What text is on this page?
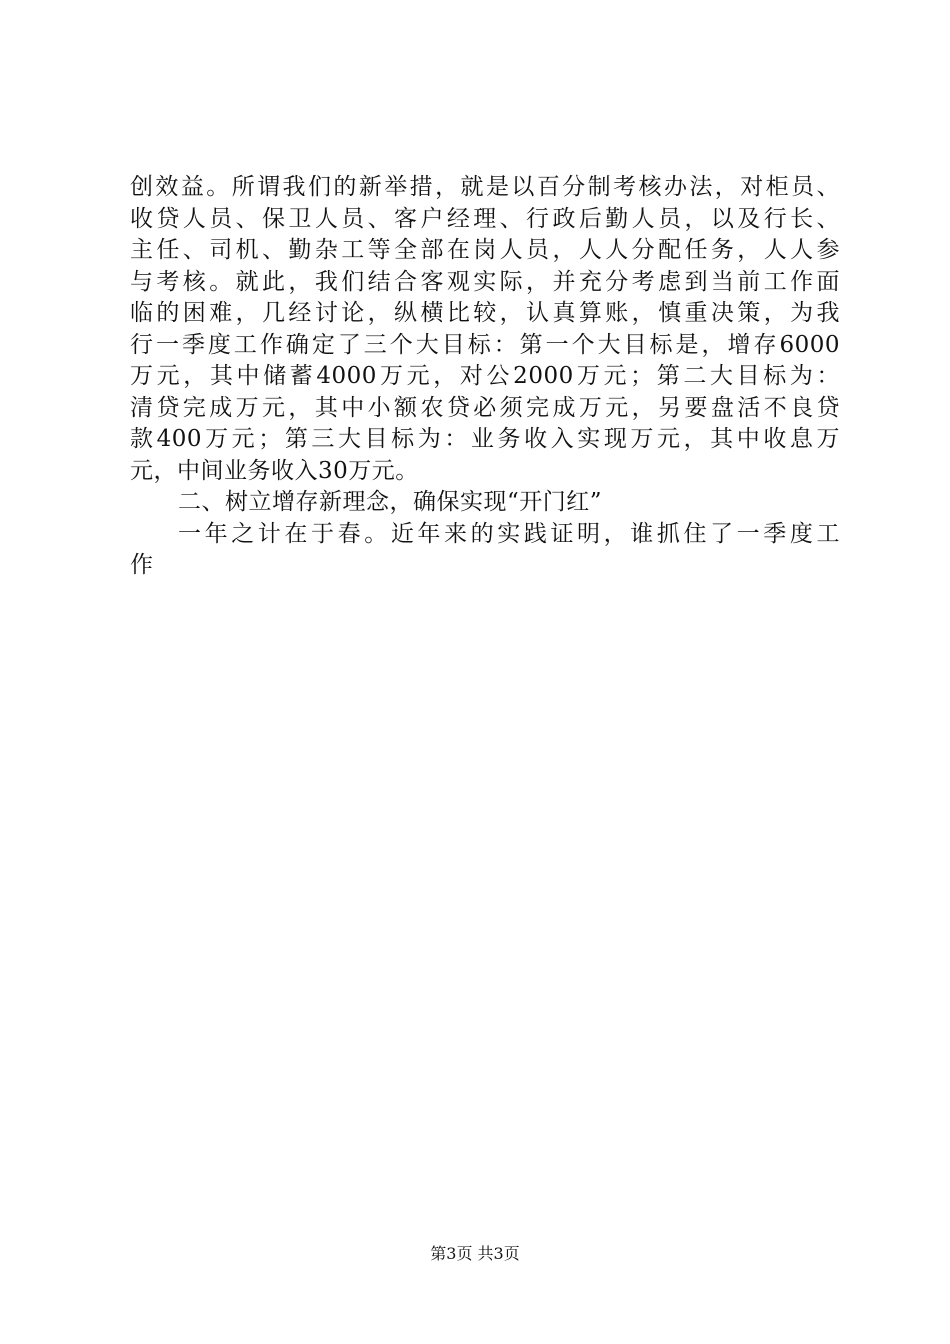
创效益。所谓我们的新举措，就是以百分制考核办法，对柜员、
收贷人员、保卫人员、客户经理、行政后勤人员，以及行长、
主任、司机、勤杂工等全部在岗人员，人人分配任务，人人参
与考核。就此，我们结合客观实际，并充分考虑到当前工作面
临的困难，几经讨论，纵横比较，认真算账，慎重决策，为我
行一季度工作确定了三个大目标：第一个大目标是，增存6000
万元，其中储蓄4000万元，对公2000万元；第二大目标为：
清贷完成万元，其中小额农贷必须完成万元，另要盘活不良贷
款400万元；第三大目标为：业务收入实现万元，其中收息万
元，中间业务收入30万元。
二、树立增存新理念，确保实现“开门红”
一年之计在于春。近年来的实践证明，谁抓住了一季度工
作
第3页 共3页
